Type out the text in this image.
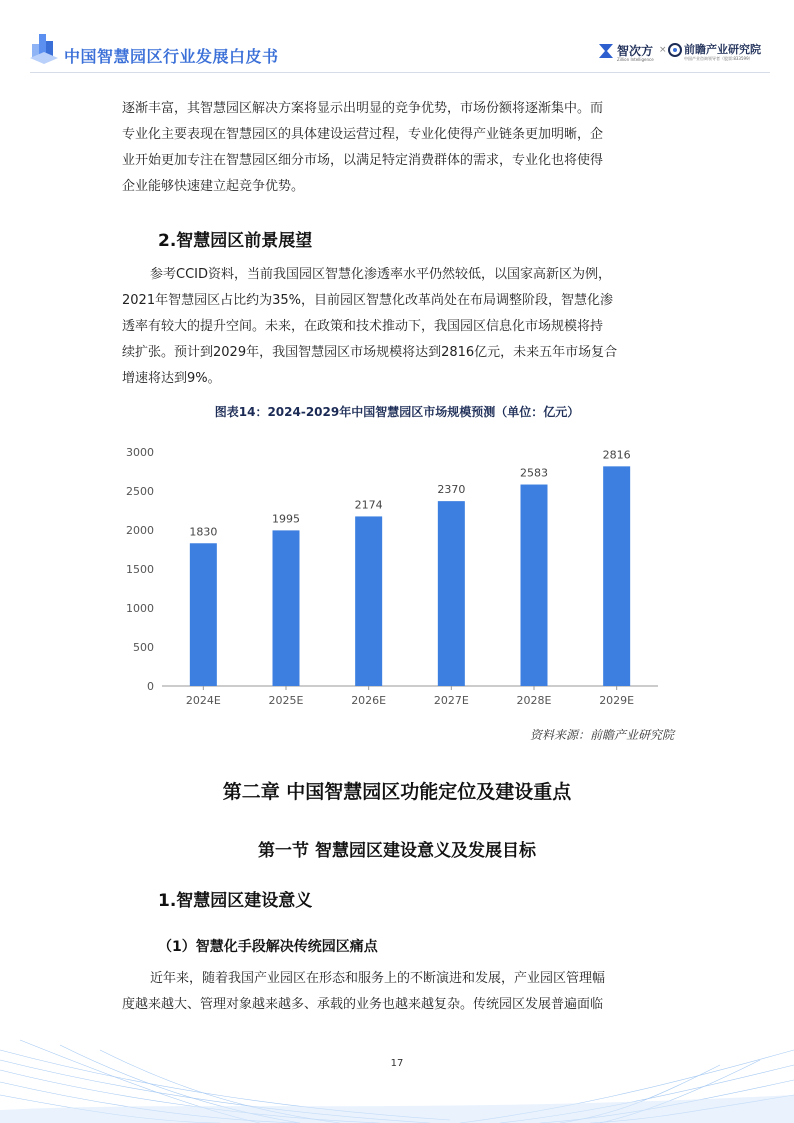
中国智慧园区行业发展白皮书	智次方
Zillion Intelligence
× 前瞻产业研究院
中国产业咨询领导者（股票:833599）
逐渐丰富，其智慧园区解决方案将显示出明显的竞争优势，市场份额将逐渐集中。而
专业化主要表现在智慧园区的具体建设运营过程，专业化使得产业链条更加明晰，企
业开始更加专注在智慧园区细分市场，以满足特定消费群体的需求，专业化也将使得
企业能够快速建立起竞争优势。
2.智慧园区前景展望
参考CCID资料，当前我国园区智慧化渗透率水平仍然较低，以国家高新区为例，
2021年智慧园区占比约为35%，目前园区智慧化改革尚处在布局调整阶段，智慧化渗
透率有较大的提升空间。未来，在政策和技术推动下，我国园区信息化市场规模将持
续扩张。预计到2029年，我国智慧园区市场规模将达到2816亿元，未来五年市场复合
增速将达到9%。
图表14：2024-2029年中国智慧园区市场规模预测（单位：亿元）
0
500
1000
1500
2000
2500
3000
1830
2024E
1995
2025E
2174
2026E
2370
2027E
2583
2028E
2816
2029E
资料来源：前瞻产业研究院
第二章 中国智慧园区功能定位及建设重点
第一节 智慧园区建设意义及发展目标
1.智慧园区建设意义
（1）智慧化手段解决传统园区痛点
近年来，随着我国产业园区在形态和服务上的不断演进和发展，产业园区管理幅
度越来越大、管理对象越来越多、承载的业务也越来越复杂。传统园区发展普遍面临
17
